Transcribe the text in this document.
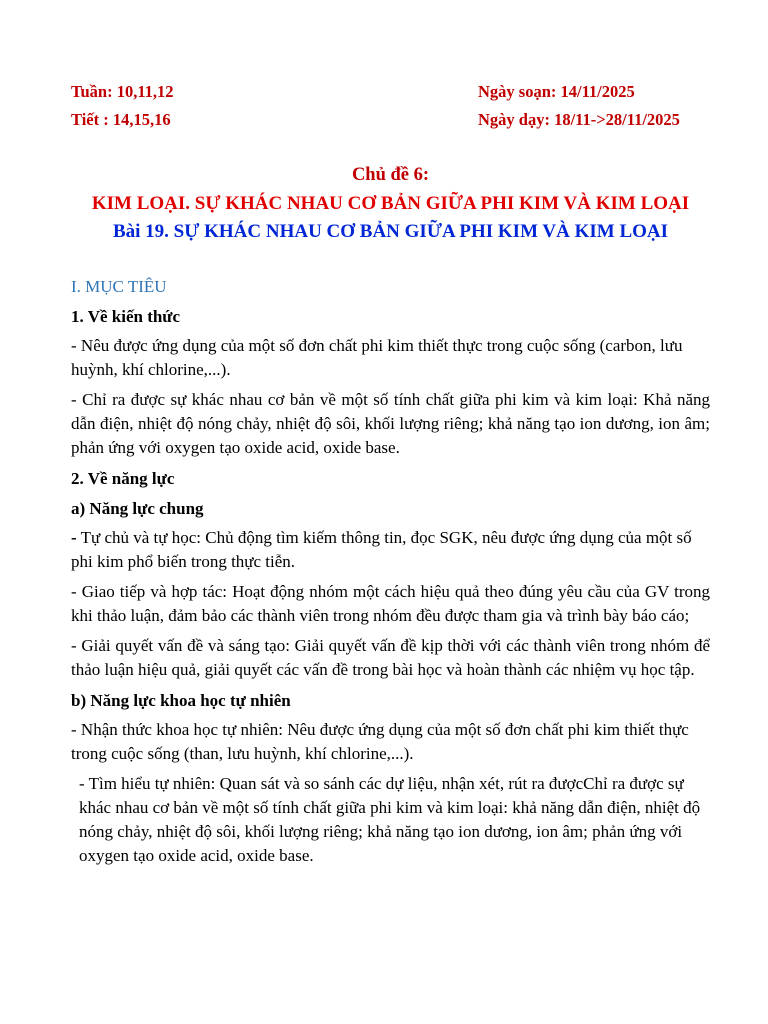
Tuần: 10,11,12	Ngày soạn: 14/11/2025
Tiết : 14,15,16	Ngày dạy: 18/11->28/11/2025
Chủ đề 6:
KIM LOẠI. SỰ KHÁC NHAU CƠ BẢN GIỮA PHI KIM VÀ KIM LOẠI
Bài 19. SỰ KHÁC NHAU CƠ BẢN GIỮA PHI KIM VÀ KIM LOẠI
I. MỤC TIÊU
1. Về kiến thức
- Nêu được ứng dụng của một số đơn chất phi kim thiết thực trong cuộc sống (carbon, lưu huỳnh, khí chlorine,...).
- Chỉ ra được sự khác nhau cơ bản về một số tính chất giữa phi kim và kim loại: Khả năng dẫn điện, nhiệt độ nóng chảy, nhiệt độ sôi, khối lượng riêng; khả năng tạo ion dương, ion âm; phản ứng với oxygen tạo oxide acid, oxide base.
2. Về năng lực
a) Năng lực chung
- Tự chủ và tự học: Chủ động tìm kiếm thông tin, đọc SGK, nêu được ứng dụng của một số phi kim phổ biến trong thực tiễn.
- Giao tiếp và hợp tác: Hoạt động nhóm một cách hiệu quả theo đúng yêu cầu của GV trong khi thảo luận, đảm bảo các thành viên trong nhóm đều được tham gia và trình bày báo cáo;
- Giải quyết vấn đề và sáng tạo: Giải quyết vấn đề kịp thời với các thành viên trong nhóm để thảo luận hiệu quả, giải quyết các vấn đề trong bài học và hoàn thành các nhiệm vụ học tập.
b) Năng lực khoa học tự nhiên
- Nhận thức khoa học tự nhiên: Nêu được ứng dụng của một số đơn chất phi kim thiết thực trong cuộc sống (than, lưu huỳnh, khí chlorine,...).
- Tìm hiểu tự nhiên: Quan sát và so sánh các dự liệu, nhận xét, rút ra đượcChỉ ra được sự khác nhau cơ bản về một số tính chất giữa phi kim và kim loại: khả năng dẫn điện, nhiệt độ nóng chảy, nhiệt độ sôi, khối lượng riêng; khả năng tạo ion dương, ion âm; phản ứng với oxygen tạo oxide acid, oxide base.
